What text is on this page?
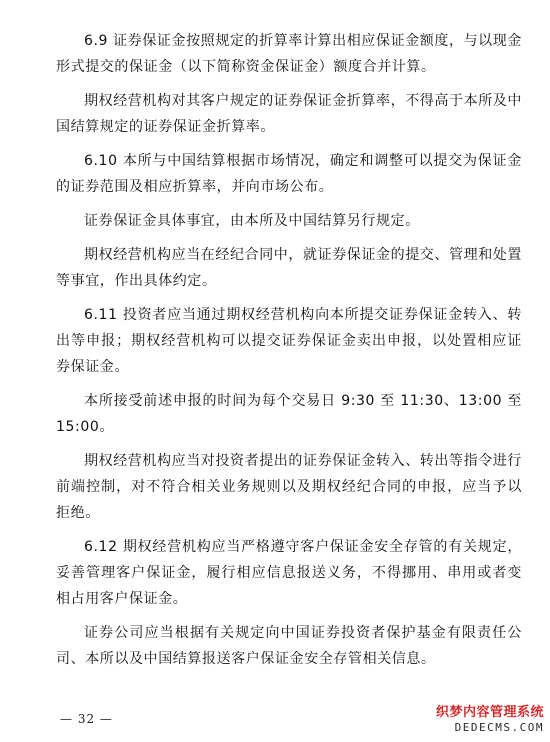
6.9 证券保证金按照规定的折算率计算出相应保证金额度，与以现金形式提交的保证金（以下简称资金保证金）额度合并计算。

期权经营机构对其客户规定的证券保证金折算率，不得高于本所及中国结算规定的证券保证金折算率。

6.10 本所与中国结算根据市场情况，确定和调整可以提交为保证金的证券范围及相应折算率，并向市场公布。

证券保证金具体事宜，由本所及中国结算另行规定。

期权经营机构应当在经纪合同中，就证券保证金的提交、管理和处置等事宜，作出具体约定。

6.11 投资者应当通过期权经营机构向本所提交证券保证金转入、转出等申报；期权经营机构可以提交证券保证金卖出申报，以处置相应证券保证金。

本所接受前述申报的时间为每个交易日 9:30 至 11:30、13:00 至 15:00。

期权经营机构应当对投资者提出的证券保证金转入、转出等指令进行前端控制，对不符合相关业务规则以及期权经纪合同的申报，应当予以拒绝。

6.12 期权经营机构应当严格遵守客户保证金安全存管的有关规定，妥善管理客户保证金，履行相应信息报送义务，不得挪用、串用或者变相占用客户保证金。

证券公司应当根据有关规定向中国证券投资者保护基金有限责任公司、本所以及中国结算报送客户保证金安全存管相关信息。

— 32 —	织梦内容管理系统
DEDECMS.COM
